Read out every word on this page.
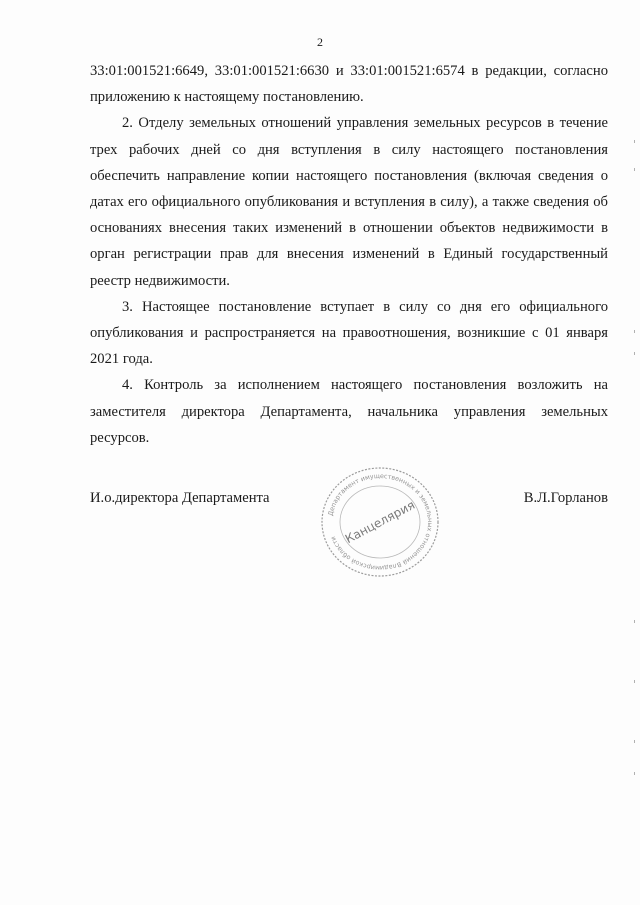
2

33:01:001521:6649, 33:01:001521:6630 и 33:01:001521:6574 в редакции, согласно приложению к настоящему постановлению.

2. Отделу земельных отношений управления земельных ресурсов в течение трех рабочих дней со дня вступления в силу настоящего постановления обеспечить направление копии настоящего постановления (включая сведения о датах его официального опубликования и вступления в силу), а также сведения об основаниях внесения таких изменений в отношении объектов недвижимости в орган регистрации прав для внесения изменений в Единый государственный реестр недвижимости.

3. Настоящее постановление вступает в силу со дня его официального опубликования и распространяется на правоотношения, возникшие с 01 января 2021 года.

4. Контроль за исполнением настоящего постановления возложить на заместителя директора Департамента, начальника управления земельных ресурсов.

И.о.директора Департамента	В.Л.Горланов
Департамент имущественных и земельных отношений Владимирской области Канцелярия
